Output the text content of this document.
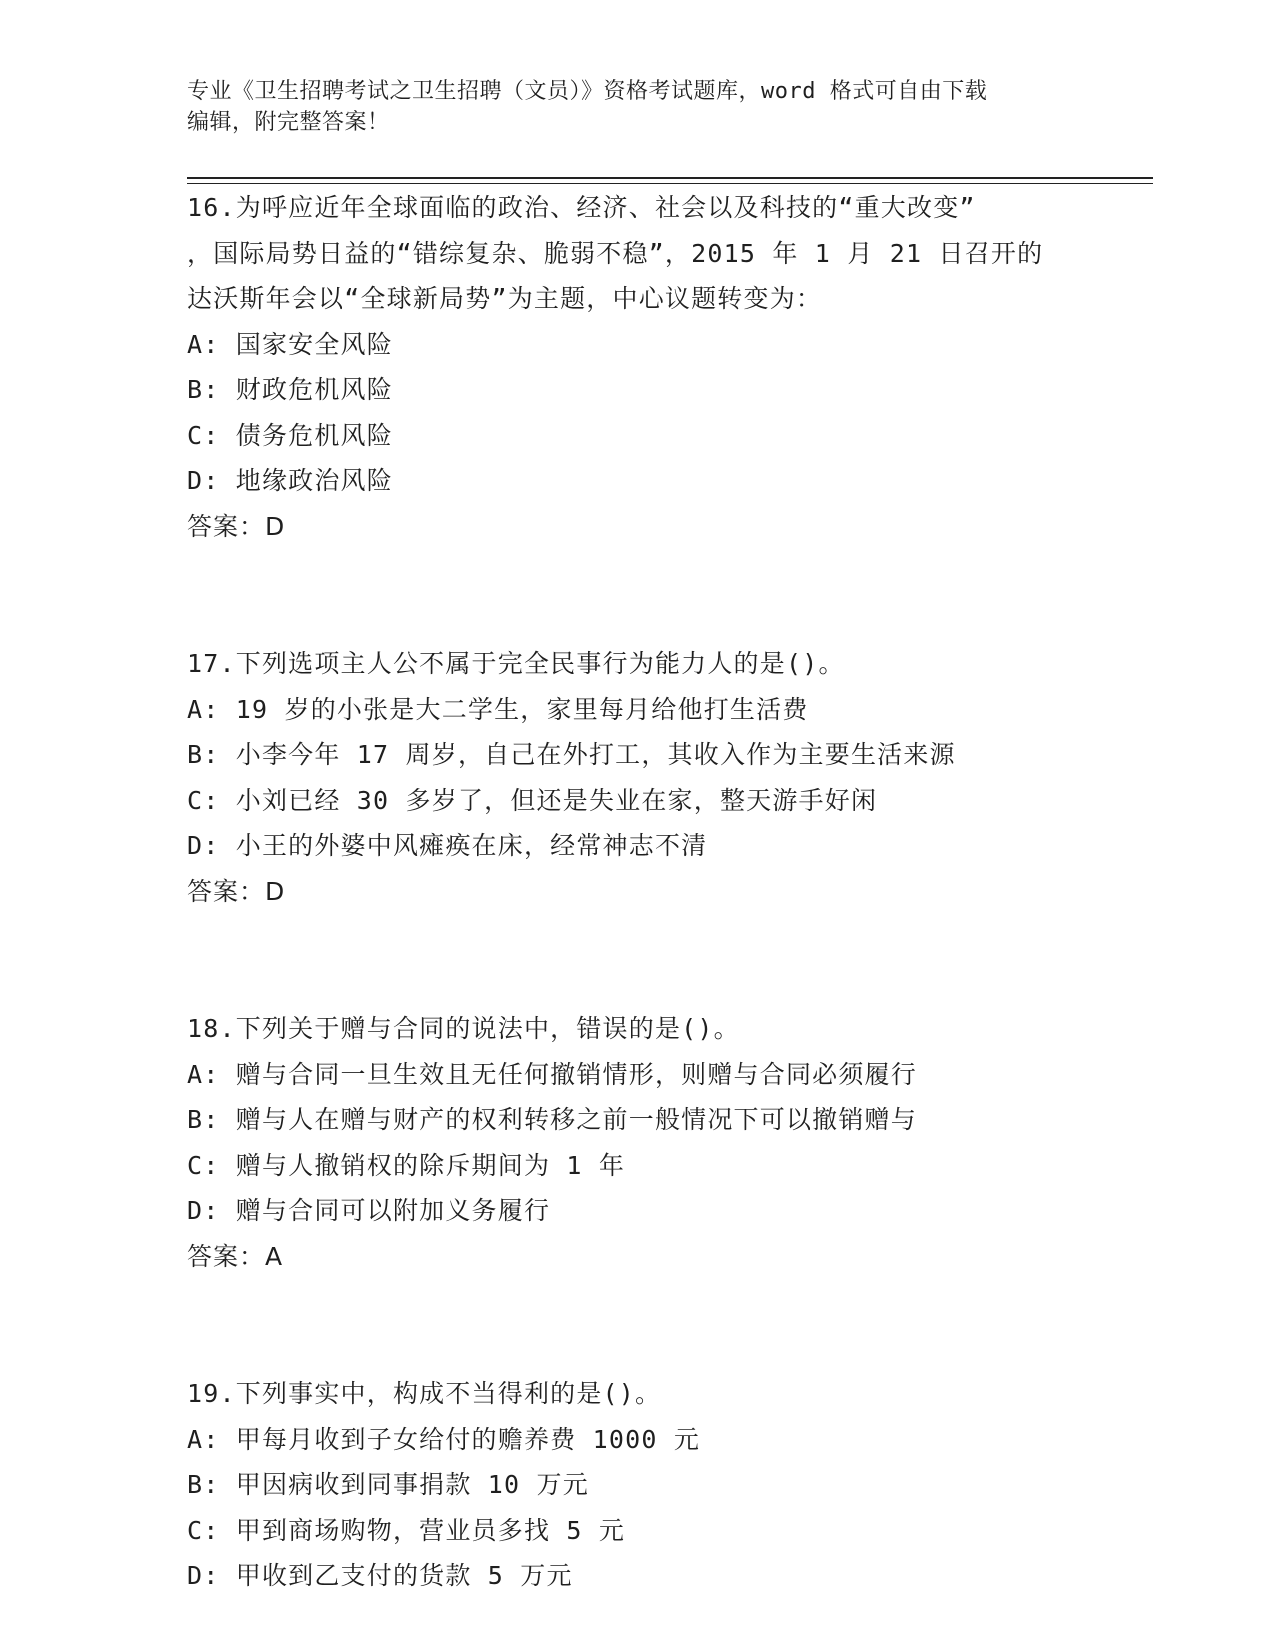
专业《卫生招聘考试之卫生招聘（文员）》资格考试题库，word 格式可自由下载
编辑，附完整答案！
16.为呼应近年全球面临的政治、经济、社会以及科技的“重大改变”
，国际局势日益的“错综复杂、脆弱不稳”，2015 年 1 月 21 日召开的
达沃斯年会以“全球新局势”为主题，中心议题转变为：
A: 国家安全风险
B: 财政危机风险
C: 债务危机风险
D: 地缘政治风险
答案：D
17.下列选项主人公不属于完全民事行为能力人的是()。
A: 19 岁的小张是大二学生，家里每月给他打生活费
B: 小李今年 17 周岁，自己在外打工，其收入作为主要生活来源
C: 小刘已经 30 多岁了，但还是失业在家，整天游手好闲
D: 小王的外婆中风瘫痪在床，经常神志不清
答案：D
18.下列关于赠与合同的说法中，错误的是()。
A: 赠与合同一旦生效且无任何撤销情形，则赠与合同必须履行
B: 赠与人在赠与财产的权利转移之前一般情况下可以撤销赠与
C: 赠与人撤销权的除斥期间为 1 年
D: 赠与合同可以附加义务履行
答案：A
19.下列事实中，构成不当得利的是()。
A: 甲每月收到子女给付的赡养费 1000 元
B: 甲因病收到同事捐款 10 万元
C: 甲到商场购物，营业员多找 5 元
D: 甲收到乙支付的货款 5 万元
